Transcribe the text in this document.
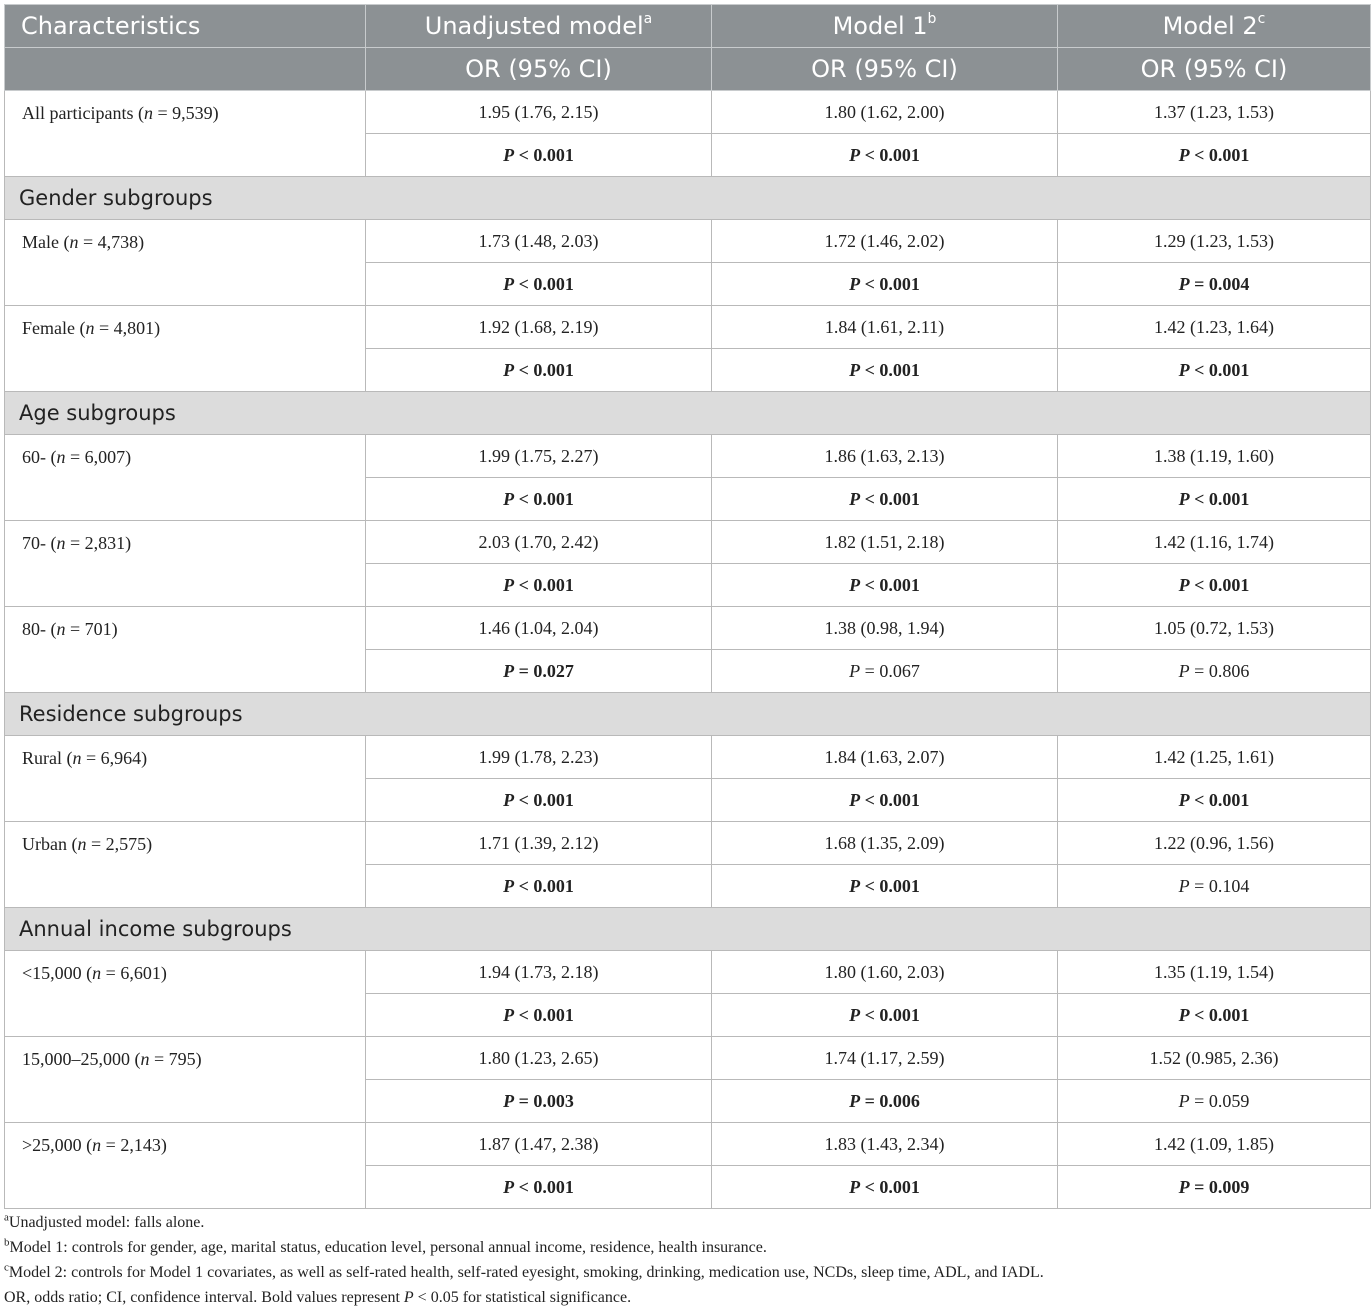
Characteristics	Unadjusted model$^a$	Model 1$^b$	Model 2$^c$
	OR (95% CI)	OR (95% CI)	OR (95% CI)
All participants (n = 9,539)	1.95 (1.76, 2.15)	1.80 (1.62, 2.00)	1.37 (1.23, 1.53)
	P < 0.001	P < 0.001	P < 0.001
Gender subgroups			
Male (n = 4,738)	1.73 (1.48, 2.03)	1.72 (1.46, 2.02)	1.29 (1.23, 1.53)
	P < 0.001	P < 0.001	P = 0.004
Female (n = 4,801)	1.92 (1.68, 2.19)	1.84 (1.61, 2.11)	1.42 (1.23, 1.64)
	P < 0.001	P < 0.001	P < 0.001
Age subgroups			
60- (n = 6,007)	1.99 (1.75, 2.27)	1.86 (1.63, 2.13)	1.38 (1.19, 1.60)
	P < 0.001	P < 0.001	P < 0.001
70- (n = 2,831)	2.03 (1.70, 2.42)	1.82 (1.51, 2.18)	1.42 (1.16, 1.74)
	P < 0.001	P < 0.001	P < 0.001
80- (n = 701)	1.46 (1.04, 2.04)	1.38 (0.98, 1.94)	1.05 (0.72, 1.53)
	P = 0.027	P = 0.067	P = 0.806
Residence subgroups			
Rural (n = 6,964)	1.99 (1.78, 2.23)	1.84 (1.63, 2.07)	1.42 (1.25, 1.61)
	P < 0.001	P < 0.001	P < 0.001
Urban (n = 2,575)	1.71 (1.39, 2.12)	1.68 (1.35, 2.09)	1.22 (0.96, 1.56)
	P < 0.001	P < 0.001	P = 0.104
Annual income subgroups			
<15,000 (n = 6,601)	1.94 (1.73, 2.18)	1.80 (1.60, 2.03)	1.35 (1.19, 1.54)
	P < 0.001	P < 0.001	P < 0.001
15,000–25,000 (n = 795)	1.80 (1.23, 2.65)	1.74 (1.17, 2.59)	1.52 (0.985, 2.36)
	P = 0.003	P = 0.006	P = 0.059
>25,000 (n = 2,143)	1.87 (1.47, 2.38)	1.83 (1.43, 2.34)	1.42 (1.09, 1.85)
	P < 0.001	P < 0.001	P = 0.009
$^a$Unadjusted model: falls alone.
$^b$Model 1: controls for gender, age, marital status, education level, personal annual income, residence, health insurance.
$^c$Model 2: controls for Model 1 covariates, as well as self-rated health, self-rated eyesight, smoking, drinking, medication use, NCDs, sleep time, ADL, and IADL.
OR, odds ratio; CI, confidence interval. Bold values represent P < 0.05 for statistical significance.
